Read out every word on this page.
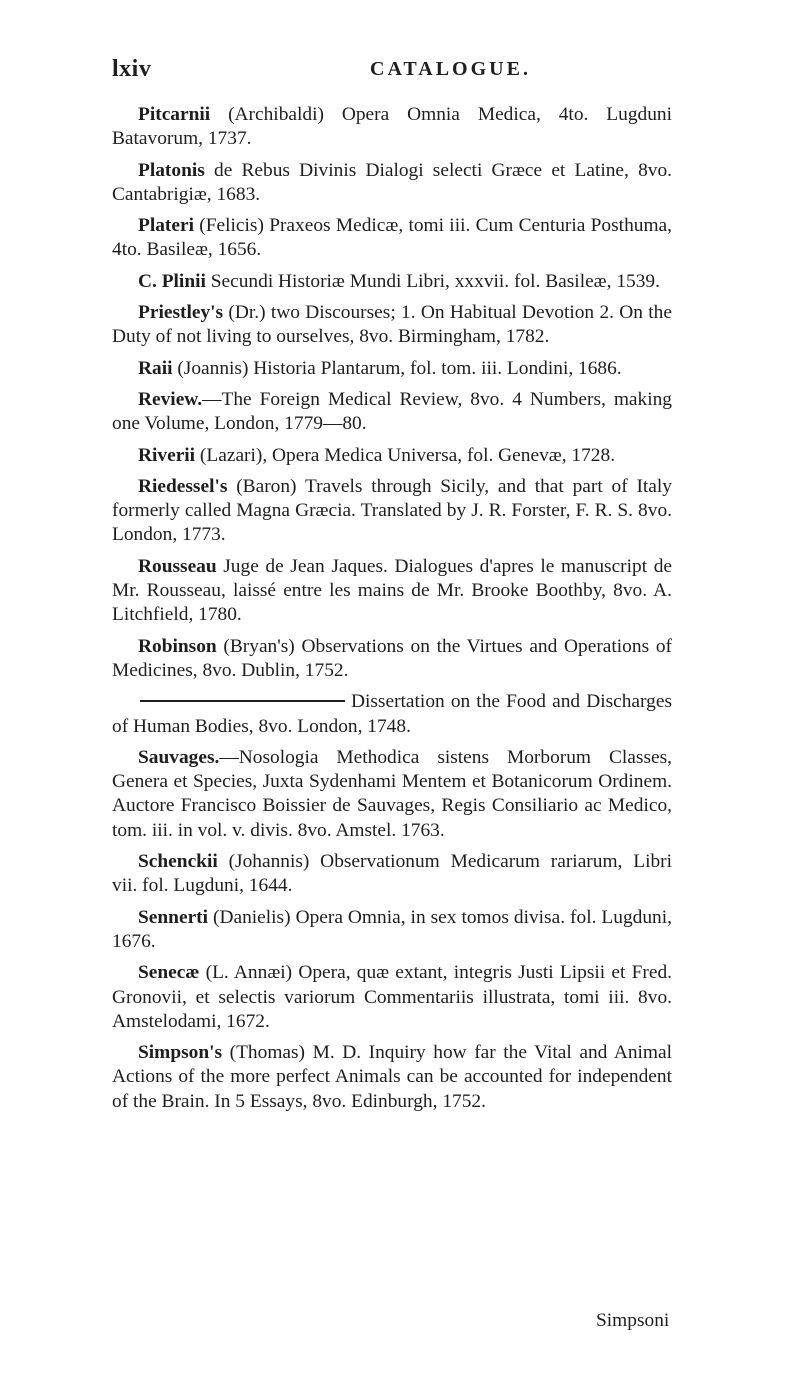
lxiv	CATALOGUE.

Pitcarnii (Archibaldi) Opera Omnia Medica, 4to. Lugduni Batavorum, 1737.

Platonis de Rebus Divinis Dialogi selecti Græce et Latine, 8vo. Cantabrigiæ, 1683.

Plateri (Felicis) Praxeos Medicæ, tomi iii. Cum Centuria Posthuma, 4to. Basileæ, 1656.

C. Plinii Secundi Historiæ Mundi Libri, xxxvii. fol. Basileæ, 1539.

Priestley's (Dr.) two Discourses; 1. On Habitual Devotion 2. On the Duty of not living to ourselves, 8vo. Birmingham, 1782.

Raii (Joannis) Historia Plantarum, fol. tom. iii. Londini, 1686.

Review.—The Foreign Medical Review, 8vo. 4 Numbers, making one Volume, London, 1779—80.

Riverii (Lazari), Opera Medica Universa, fol. Genevæ, 1728.

Riedessel's (Baron) Travels through Sicily, and that part of Italy formerly called Magna Græcia. Translated by J. R. Forster, F. R. S. 8vo. London, 1773.

Rousseau Juge de Jean Jaques. Dialogues d'apres le manuscript de Mr. Rousseau, laissé entre les mains de Mr. Brooke Boothby, 8vo. A. Litchfield, 1780.

Robinson (Bryan's) Observations on the Virtues and Operations of Medicines, 8vo. Dublin, 1752.

Dissertation on the Food and Discharges of Human Bodies, 8vo. London, 1748.

Sauvages.—Nosologia Methodica sistens Morborum Classes, Genera et Species, Juxta Sydenhami Mentem et Botanicorum Ordinem. Auctore Francisco Boissier de Sauvages, Regis Consiliario ac Medico, tom. iii. in vol. v. divis. 8vo. Amstel. 1763.

Schenckii (Johannis) Observationum Medicarum rariarum, Libri vii. fol. Lugduni, 1644.

Sennerti (Danielis) Opera Omnia, in sex tomos divisa. fol. Lugduni, 1676.

Senecæ (L. Annæi) Opera, quæ extant, integris Justi Lipsii et Fred. Gronovii, et selectis variorum Commentariis illustrata, tomi iii. 8vo. Amstelodami, 1672.

Simpson's (Thomas) M. D. Inquiry how far the Vital and Animal Actions of the more perfect Animals can be accounted for independent of the Brain. In 5 Essays, 8vo. Edinburgh, 1752.

Simpsoni
